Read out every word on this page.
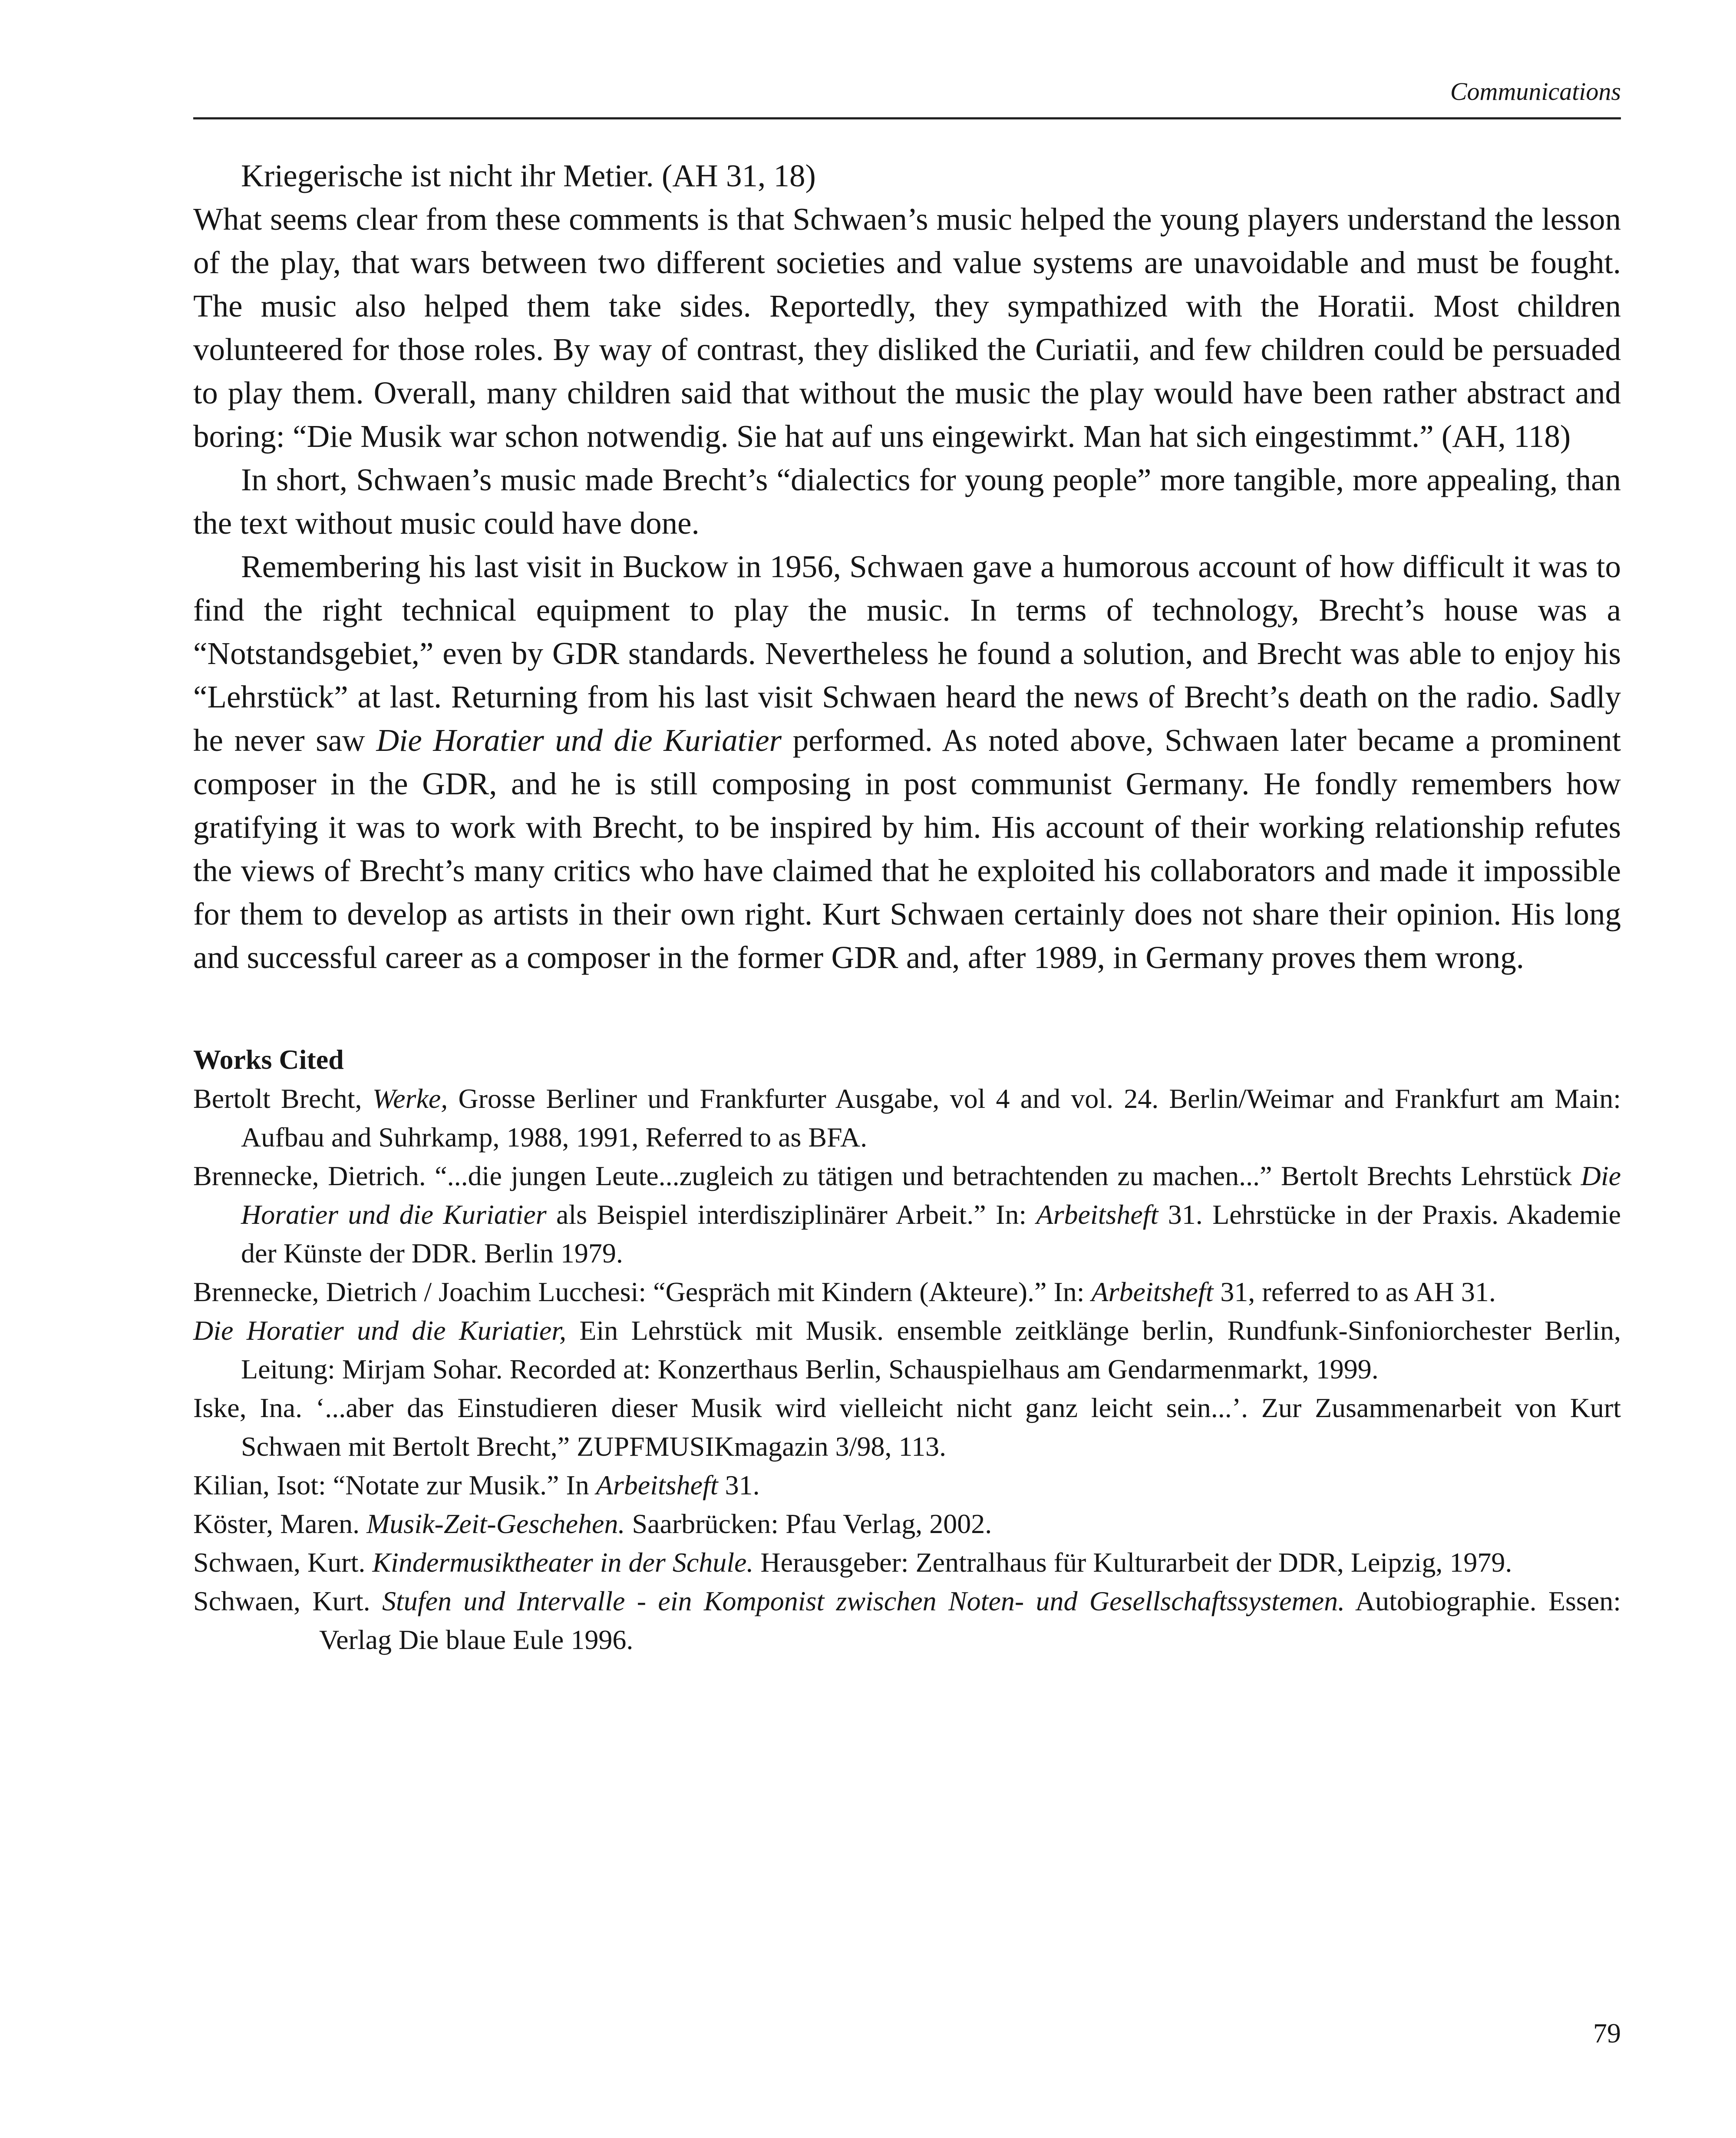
Communications

Kriegerische ist nicht ihr Metier. (AH 31, 18)

What seems clear from these comments is that Schwaen’s music helped the young players understand the lesson of the play, that wars between two different societies and value systems are unavoidable and must be fought. The music also helped them take sides. Reportedly, they sympathized with the Horatii. Most children volunteered for those roles. By way of contrast, they disliked the Curiatii, and few children could be persuaded to play them. Overall, many children said that without the music the play would have been rather abstract and boring: “Die Musik war schon notwendig. Sie hat auf uns eingewirkt. Man hat sich eingestimmt.” (AH, 118)

In short, Schwaen’s music made Brecht’s “dialectics for young people” more tangible, more appealing, than the text without music could have done.

Remembering his last visit in Buckow in 1956, Schwaen gave a humorous account of how difficult it was to find the right technical equipment to play the music. In terms of technology, Brecht’s house was a “Notstandsgebiet,” even by GDR standards. Nevertheless he found a solution, and Brecht was able to enjoy his “Lehrstück” at last. Returning from his last visit Schwaen heard the news of Brecht’s death on the radio. Sadly he never saw Die Horatier und die Kuriatier performed. As noted above, Schwaen later became a prominent composer in the GDR, and he is still composing in post communist Germany. He fondly remembers how gratifying it was to work with Brecht, to be inspired by him. His account of their working relationship refutes the views of Brecht’s many critics who have claimed that he exploited his collaborators and made it impossible for them to develop as artists in their own right. Kurt Schwaen certainly does not share their opinion. His long and successful career as a composer in the former GDR and, after 1989, in Germany proves them wrong.

Works Cited

Bertolt Brecht, Werke, Grosse Berliner und Frankfurter Ausgabe, vol 4 and vol. 24. Berlin/Weimar and Frankfurt am Main: Aufbau and Suhrkamp, 1988, 1991, Referred to as BFA.

Brennecke, Dietrich. “...die jungen Leute...zugleich zu tätigen und betrachtenden zu machen...” Bertolt Brechts Lehrstück Die Horatier und die Kuriatier als Beispiel interdisziplinärer Arbeit.” In: Arbeitsheft 31. Lehrstücke in der Praxis. Akademie der Künste der DDR. Berlin 1979.

Brennecke, Dietrich / Joachim Lucchesi: “Gespräch mit Kindern (Akteure).” In: Arbeitsheft 31, referred to as AH 31.

Die Horatier und die Kuriatier, Ein Lehrstück mit Musik. ensemble zeitklänge berlin, Rundfunk-Sinfoniorchester Berlin, Leitung: Mirjam Sohar. Recorded at: Konzerthaus Berlin, Schauspielhaus am Gendarmenmarkt, 1999.

Iske, Ina. ‘...aber das Einstudieren dieser Musik wird vielleicht nicht ganz leicht sein...’. Zur Zusammenarbeit von Kurt Schwaen mit Bertolt Brecht,” ZUPFMUSIKmagazin 3/98, 113.

Kilian, Isot: “Notate zur Musik.” In Arbeitsheft 31.

Köster, Maren. Musik-Zeit-Geschehen. Saarbrücken: Pfau Verlag, 2002.

Schwaen, Kurt. Kindermusiktheater in der Schule. Herausgeber: Zentralhaus für Kulturarbeit der DDR, Leipzig, 1979.

Schwaen, Kurt. Stufen und Intervalle - ein Komponist zwischen Noten- und Gesellschaftssystemen. Autobiographie. Essen: Verlag Die blaue Eule 1996.

79
